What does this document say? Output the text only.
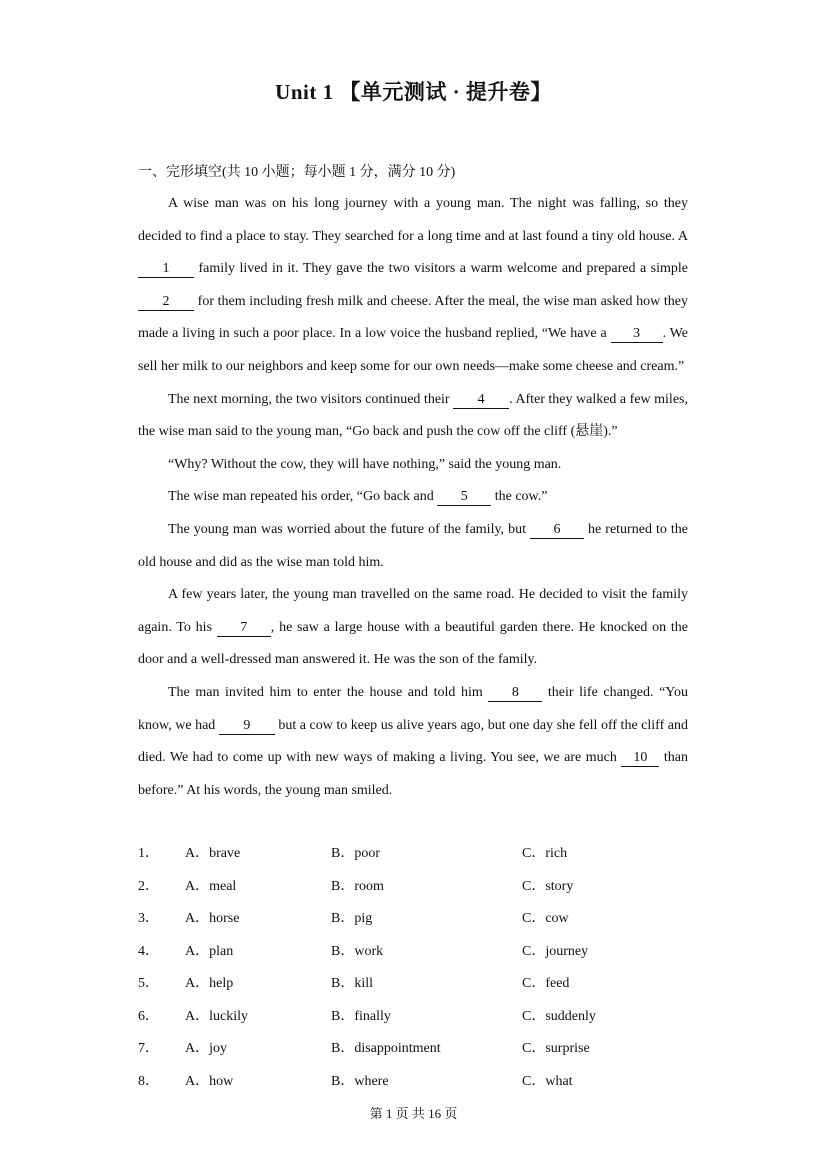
Unit 1 【单元测试 · 提升卷】
一、完形填空(共 10 小题；每小题 1 分，满分 10 分)

A wise man was on his long journey with a young man. The night was falling, so they decided to find a place to stay. They searched for a long time and at last found a tiny old house. A 1 family lived in it. They gave the two visitors a warm welcome and prepared a simple 2 for them including fresh milk and cheese. After the meal, the wise man asked how they made a living in such a poor place. In a low voice the husband replied, “We have a 3 . We sell her milk to our neighbors and keep some for our own needs—make some cheese and cream.”

The next morning, the two visitors continued their 4 . After they walked a few miles, the wise man said to the young man, “Go back and push the cow off the cliff (悬崖).”

“Why? Without the cow, they will have nothing,” said the young man.

The wise man repeated his order, “Go back and 5 the cow.”

The young man was worried about the future of the family, but 6 he returned to the old house and did as the wise man told him.

A few years later, the young man travelled on the same road. He decided to visit the family again. To his 7 , he saw a large house with a beautiful garden there. He knocked on the door and a well-dressed man answered it. He was the son of the family.

The man invited him to enter the house and told him 8 their life changed. “You know, we had 9 but a cow to keep us alive years ago, but one day she fell off the cliff and died. We had to come up with new ways of making a living. You see, we are much 10 than before.” At his words, the young man smiled.

1． A．brave	B．poor	C．rich
2． A．meal	B．room	C．story
3． A．horse	B．pig	C．cow
4． A．plan	B．work	C．journey
5． A．help	B．kill	C．feed
6． A．luckily	B．finally	C．suddenly
7． A．joy	B．disappointment	C．surprise
8． A．how	B．where	C．what
第 1 页 共 16 页
